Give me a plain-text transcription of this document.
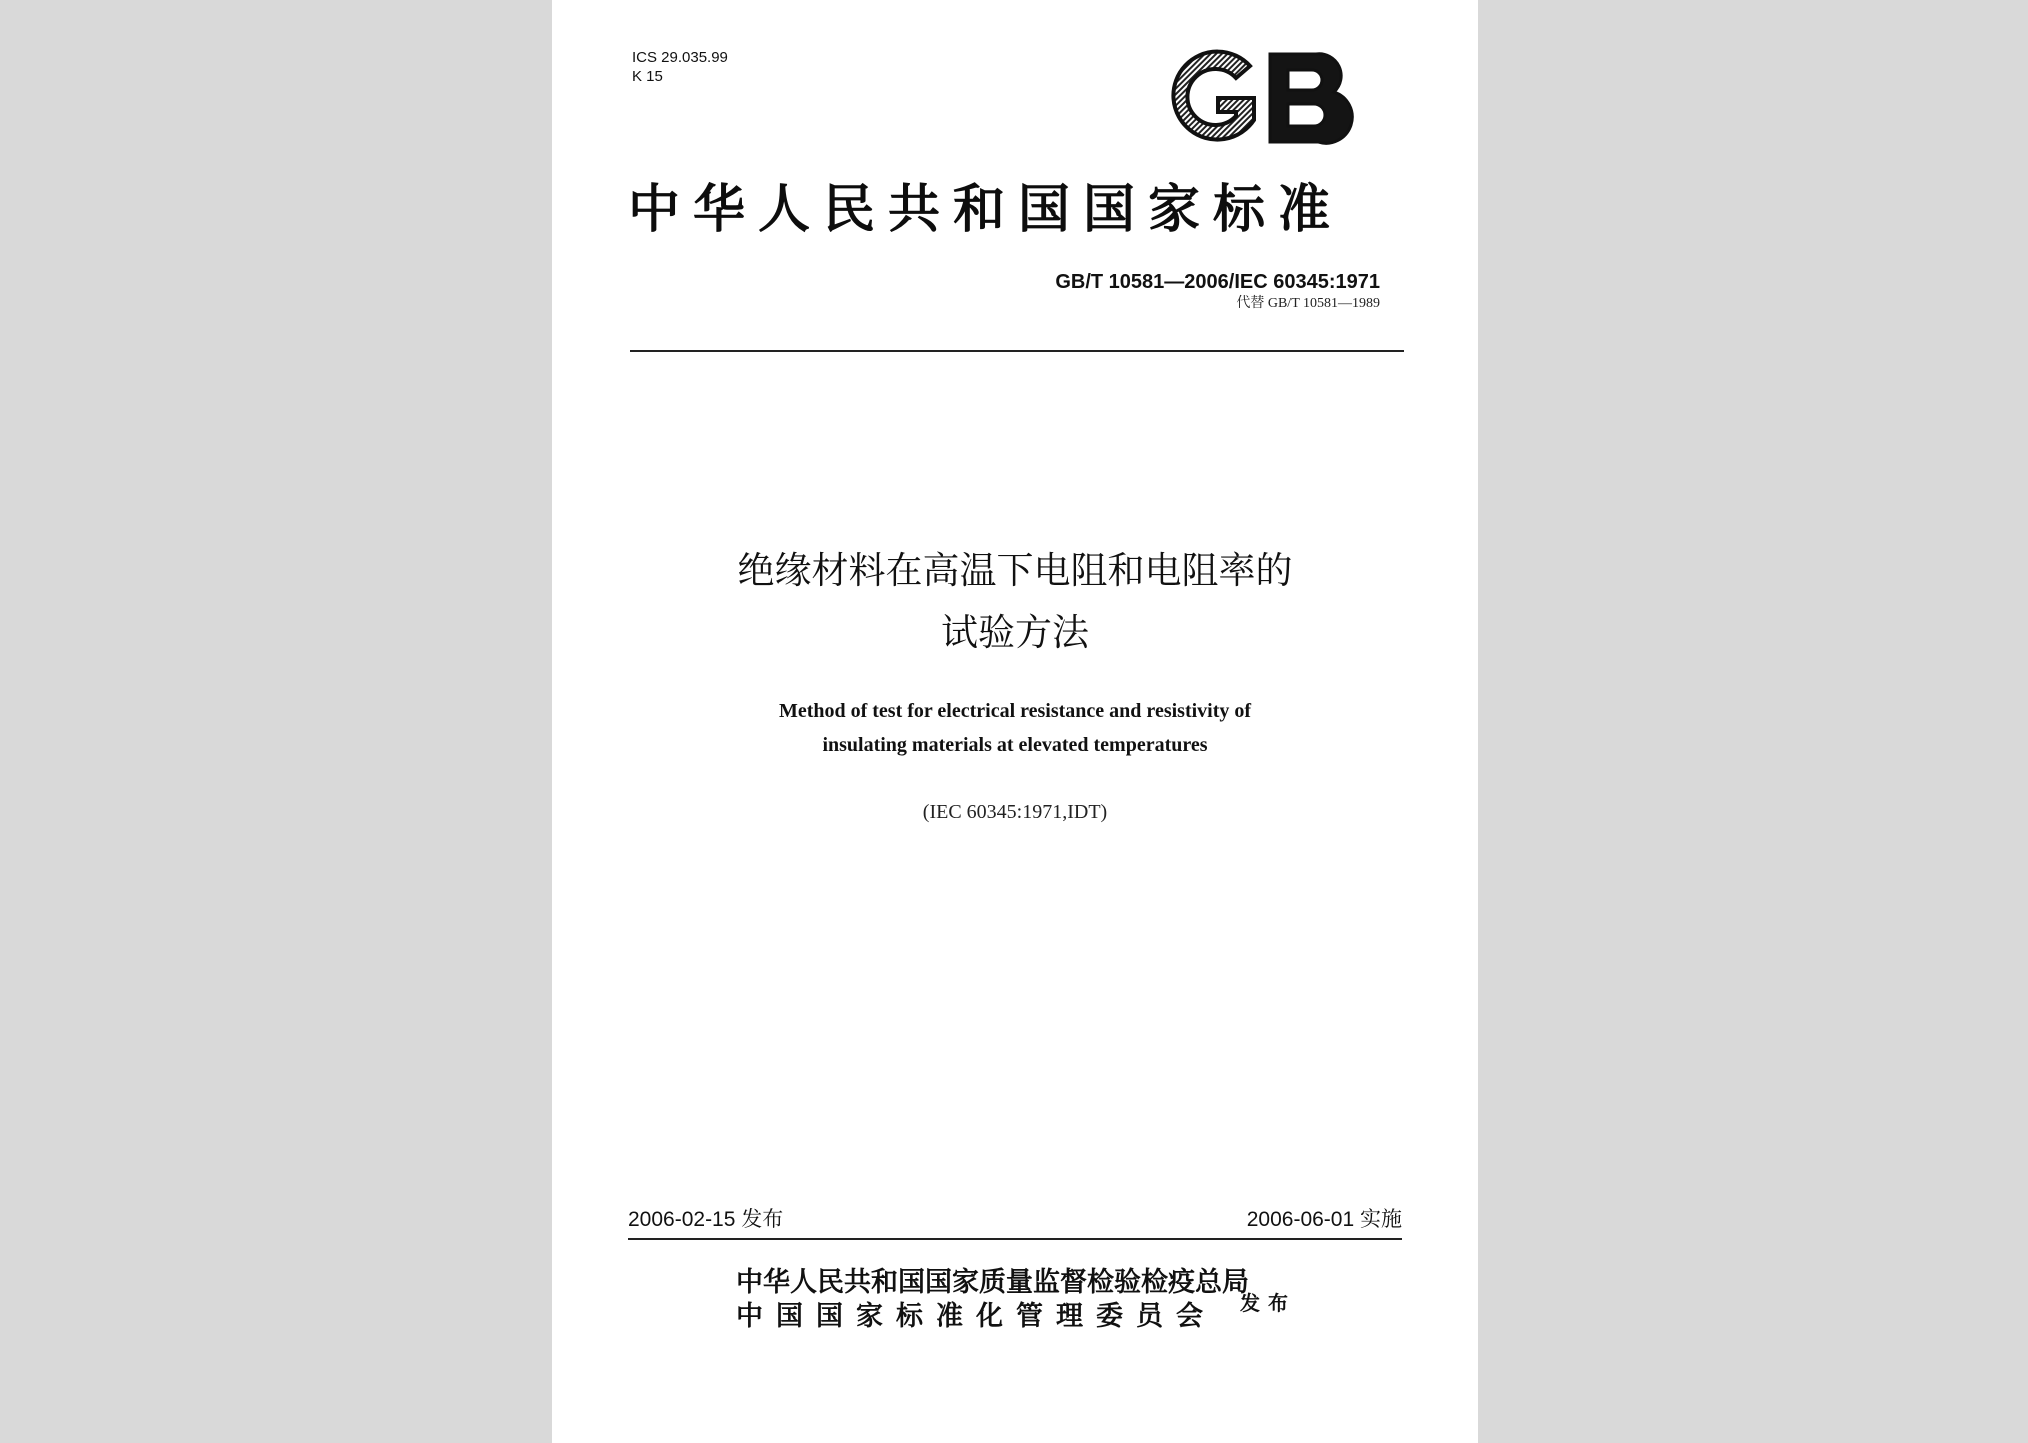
ICS 29.035.99
K 15
GB
中华人民共和国国家标准
GB/T 10581—2006/IEC 60345:1971
代替 GB/T 10581—1989
绝缘材料在高温下电阻和电阻率的
试验方法
Method of test for electrical resistance and resistivity of
insulating materials at elevated temperatures
(IEC 60345:1971,IDT)
2006-02-15 发布	2006-06-01 实施
中华人民共和国国家质量监督检验检疫总局
中国国家标准化管理委员会	发布
